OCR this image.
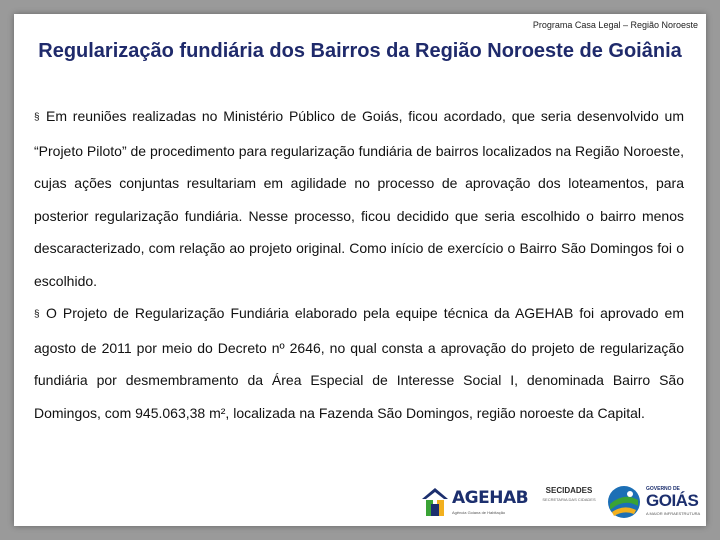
Programa Casa Legal – Região Noroeste
Regularização fundiária dos Bairros da Região Noroeste de Goiânia

§ Em reuniões realizadas no Ministério Público de Goiás, ficou acordado, que seria desenvolvido um “Projeto Piloto” de procedimento para regularização fundiária de bairros localizados na Região Noroeste, cujas ações conjuntas resultariam em agilidade no processo de aprovação dos loteamentos, para posterior regularização fundiária. Nesse processo, ficou decidido que seria escolhido o bairro menos descaracterizado, com relação ao projeto original. Como início de exercício o Bairro São Domingos foi o escolhido.

§ O Projeto de Regularização Fundiária elaborado pela equipe técnica da AGEHAB foi aprovado em agosto de 2011 por meio do Decreto nº 2646, no qual consta a aprovação do projeto de regularização fundiária por desmembramento da Área Especial de Interesse Social I, denominada Bairro São Domingos, com 945.063,38 m², localizada na Fazenda São Domingos, região noroeste da Capital.

AGEHAB
Agência Goiana de Habitação
SECIDADES
SECRETARIA DAS CIDADES
GOVERNO DE
GOIÁS
A MAIOR INFRAESTRUTURA
